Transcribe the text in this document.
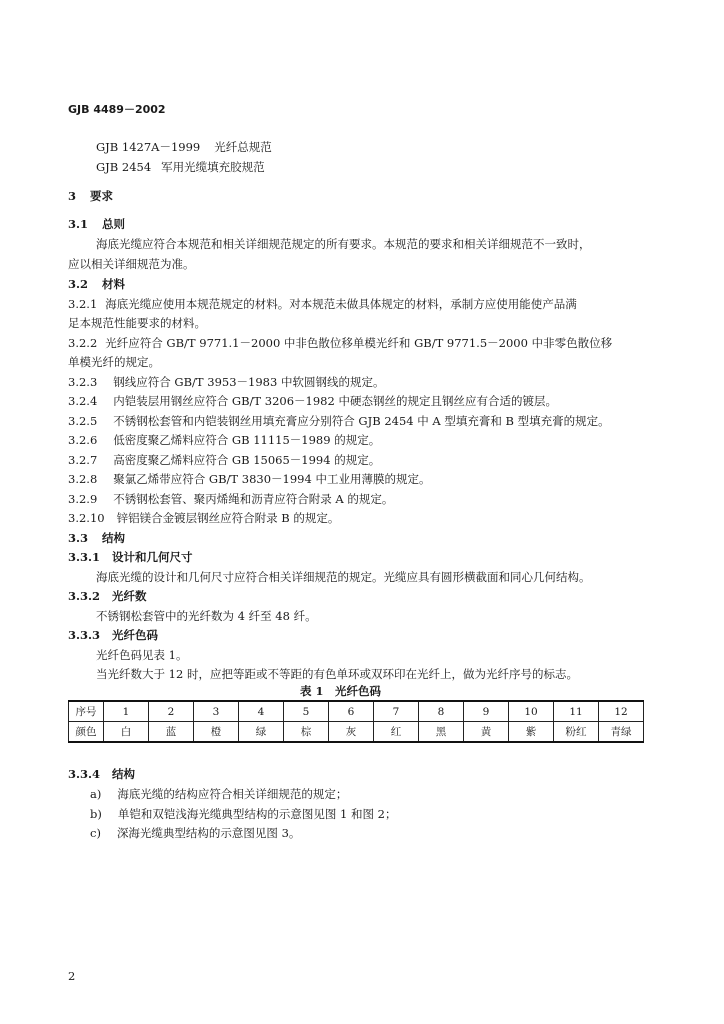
GJB 4489－2002
GJB 1427A－1999 光纤总规范
GJB 2454 军用光缆填充胶规范
3 要求
3.1 总则
海底光缆应符合本规范和相关详细规范规定的所有要求。本规范的要求和相关详细规范不一致时，
应以相关详细规范为准。
3.2 材料
3.2.1 海底光缆应使用本规范规定的材料。对本规范未做具体规定的材料，承制方应使用能使产品满
足本规范性能要求的材料。
3.2.2 光纤应符合 GB/T 9771.1－2000 中非色散位移单模光纤和 GB/T 9771.5－2000 中非零色散位移
单模光纤的规定。
3.2.3 钢线应符合 GB/T 3953－1983 中软圆钢线的规定。
3.2.4 内铠装层用钢丝应符合 GB/T 3206－1982 中硬态钢丝的规定且钢丝应有合适的镀层。
3.2.5 不锈钢松套管和内铠装钢丝用填充膏应分别符合 GJB 2454 中 A 型填充膏和 B 型填充膏的规定。
3.2.6 低密度聚乙烯料应符合 GB 11115－1989 的规定。
3.2.7 高密度聚乙烯料应符合 GB 15065－1994 的规定。
3.2.8 聚氯乙烯带应符合 GB/T 3830－1994 中工业用薄膜的规定。
3.2.9 不锈钢松套管、聚丙烯绳和沥青应符合附录 A 的规定。
3.2.10 锌铝镁合金镀层钢丝应符合附录 B 的规定。
3.3 结构
3.3.1 设计和几何尺寸
海底光缆的设计和几何尺寸应符合相关详细规范的规定。光缆应具有圆形横截面和同心几何结构。
3.3.2 光纤数
不锈钢松套管中的光纤数为 4 纤至 48 纤。
3.3.3 光纤色码
光纤色码见表 1。
当光纤数大于 12 时，应把等距或不等距的有色单环或双环印在光纤上，做为光纤序号的标志。
表 1　光纤色码
序号	1	2	3	4	5	6	7	8	9	10	11	12
颜色	白	蓝	橙	绿	棕	灰	红	黑	黄	紫	粉红	青绿
3.3.4 结构
a) 海底光缆的结构应符合相关详细规范的规定；
b) 单铠和双铠浅海光缆典型结构的示意图见图 1 和图 2；
c) 深海光缆典型结构的示意图见图 3。
2
